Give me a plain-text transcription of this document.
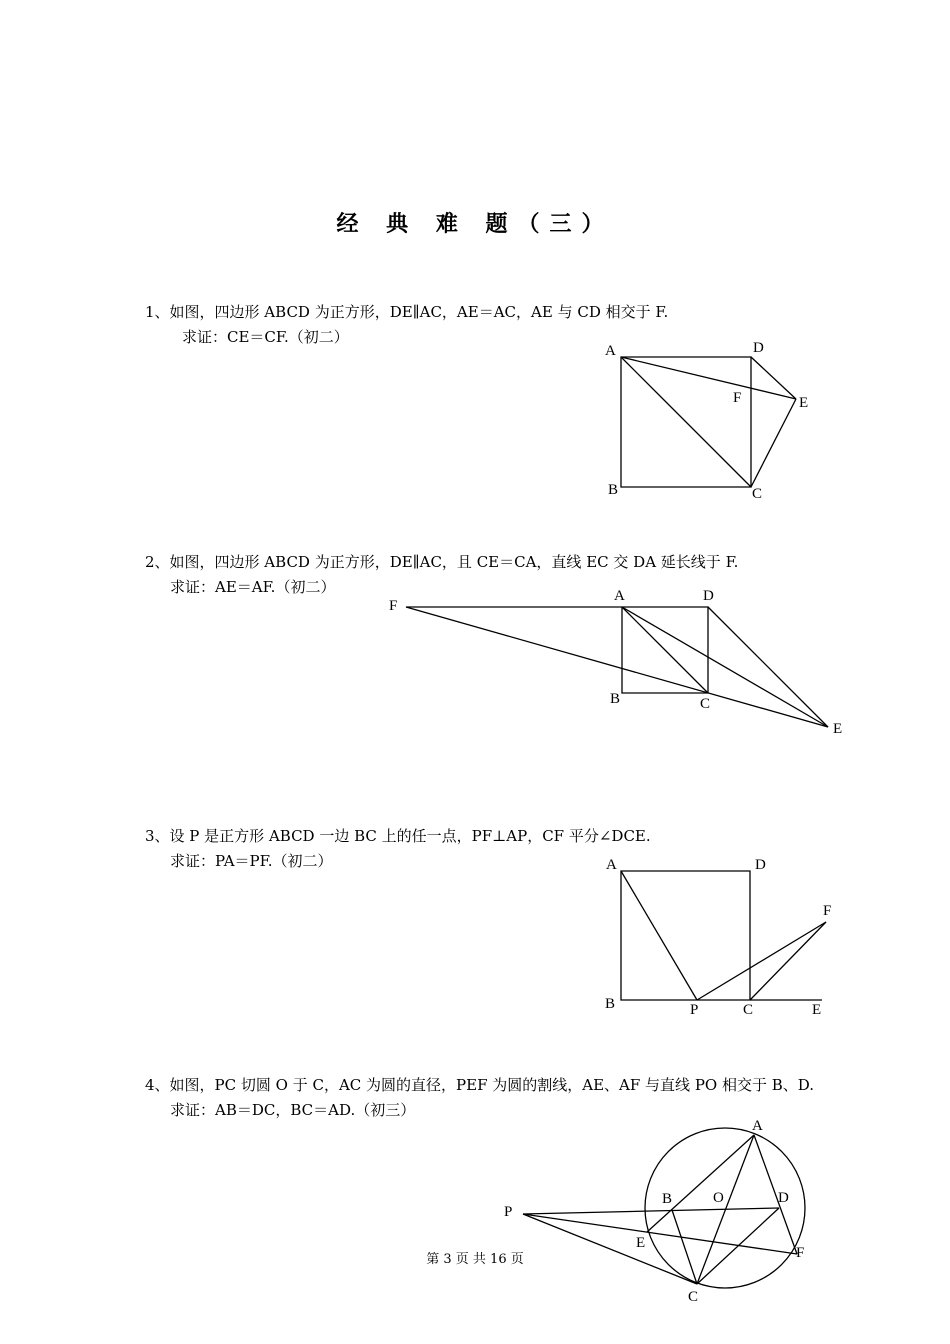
经 典 难 题（三）
1、如图，四边形 ABCD 为正方形，DE∥AC，AE＝AC，AE 与 CD 相交于 F.
求证：CE＝CF.（初二）
A	D
F	E
B	C
2、如图，四边形 ABCD 为正方形，DE∥AC，且 CE＝CA，直线 EC 交 DA 延长线于 F.
求证：AE＝AF.（初二）
F
A	D
B	C
E
3、设 P 是正方形 ABCD 一边 BC 上的任一点，PF⊥AP，CF 平分∠DCE.
求证：PA＝PF.（初二）	A	D
F
B	P	C	E
4、如图，PC 切圆 O 于 C，AC 为圆的直径，PEF 为圆的割线，AE、AF 与直线 PO 相交于 B、D.
求证：AB＝DC，BC＝AD.（初三）
A
B	O	D
P
E
F
C
第 3 页 共 16 页
